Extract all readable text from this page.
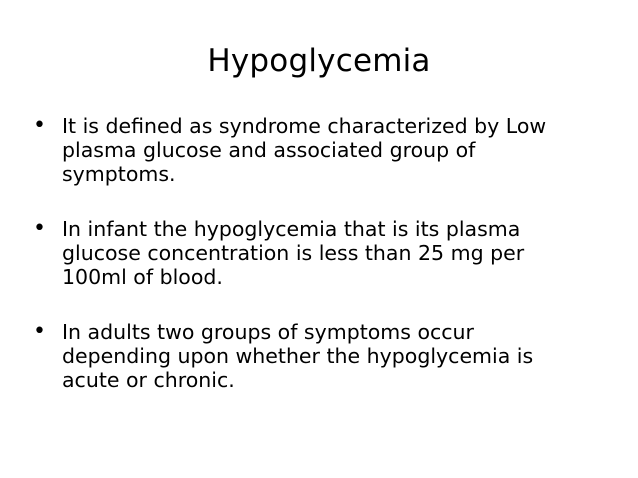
Hypoglycemia
• It is defined as syndrome characterized by Low
plasma glucose and associated group of
symptoms.
• In infant the hypoglycemia that is its plasma
glucose concentration is less than 25 mg per
100ml of blood.
• In adults two groups of symptoms occur
depending upon whether the hypoglycemia is
acute or chronic.
